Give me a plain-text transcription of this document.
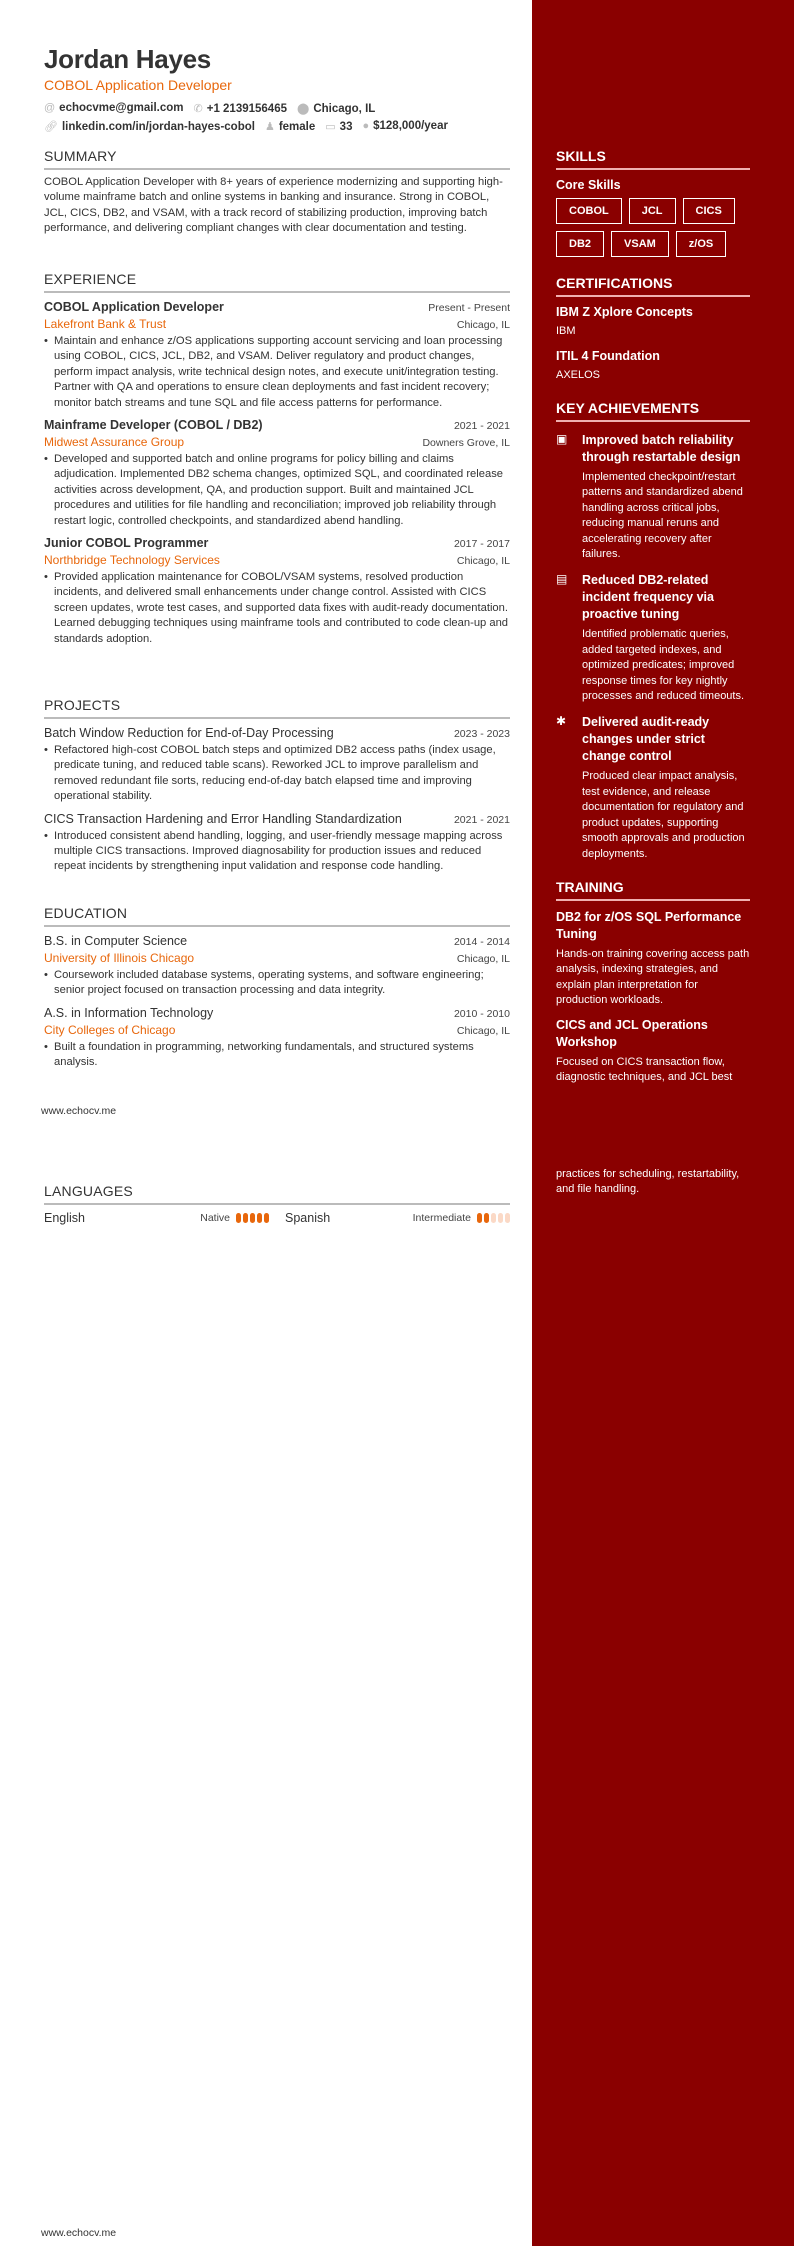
Jordan Hayes
COBOL Application Developer
@ echocvme@gmail.com ✆ +1 2139156465 ⬤ Chicago, IL
🔗︎ linkedin.com/in/jordan-hayes-cobol ♟ female ▭ 33 ● $128,000/year
SUMMARY

COBOL Application Developer with 8+ years of experience modernizing and supporting high-volume mainframe batch and online systems in banking and insurance. Strong in COBOL, JCL, CICS, DB2, and VSAM, with a track record of stabilizing production, improving batch performance, and delivering compliant changes with clear documentation and testing.

EXPERIENCE
COBOL Application Developer	Present - Present
Lakefront Bank & Trust	Chicago, IL
• Maintain and enhance z/OS applications supporting account servicing and loan processing using COBOL, CICS, JCL, DB2, and VSAM. Deliver regulatory and product changes, perform impact analysis, write technical design notes, and execute unit/integration testing. Partner with QA and operations to ensure clean deployments and fast incident recovery; monitor batch streams and tune SQL and file access patterns for performance.
Mainframe Developer (COBOL / DB2)	2021 - 2021
Midwest Assurance Group	Downers Grove, IL
• Developed and supported batch and online programs for policy billing and claims adjudication. Implemented DB2 schema changes, optimized SQL, and coordinated release activities across development, QA, and production support. Built and maintained JCL procedures and utilities for file handling and reconciliation; improved job reliability through restart logic, controlled checkpoints, and standardized abend handling.
Junior COBOL Programmer	2017 - 2017
Northbridge Technology Services	Chicago, IL
• Provided application maintenance for COBOL/VSAM systems, resolved production incidents, and delivered small enhancements under change control. Assisted with CICS screen updates, wrote test cases, and supported data fixes with audit-ready documentation. Learned debugging techniques using mainframe tools and contributed to code clean-up and standards adoption.
PROJECTS
Batch Window Reduction for End-of-Day Processing	2023 - 2023
• Refactored high-cost COBOL batch steps and optimized DB2 access paths (index usage, predicate tuning, and reduced table scans). Reworked JCL to improve parallelism and removed redundant file sorts, reducing end-of-day batch elapsed time and improving operational stability.
CICS Transaction Hardening and Error Handling Standardization	2021 - 2021
• Introduced consistent abend handling, logging, and user-friendly message mapping across multiple CICS transactions. Improved diagnosability for production issues and reduced repeat incidents by strengthening input validation and response code handling.
EDUCATION
B.S. in Computer Science	2014 - 2014
University of Illinois Chicago	Chicago, IL
• Coursework included database systems, operating systems, and software engineering; senior project focused on transaction processing and data integrity.
A.S. in Information Technology	2010 - 2010
City Colleges of Chicago	Chicago, IL
• Built a foundation in programming, networking fundamentals, and structured systems analysis.
www.echocv.me
LANGUAGES
English	Native	Spanish	Intermediate
www.echocv.me
SKILLS
Core Skills
COBOL	JCL	CICS
DB2	VSAM	z/OS
CERTIFICATIONS
IBM Z Xplore Concepts
IBM
ITIL 4 Foundation
AXELOS
KEY ACHIEVEMENTS
▣	Improved batch reliability through restartable design
Implemented checkpoint/restart patterns and standardized abend handling across critical jobs, reducing manual reruns and accelerating recovery after failures.
▤	Reduced DB2-related incident frequency via proactive tuning
Identified problematic queries, added targeted indexes, and optimized predicates; improved response times for key nightly processes and reduced timeouts.
✱	Delivered audit-ready changes under strict change control
Produced clear impact analysis, test evidence, and release documentation for regulatory and product updates, supporting smooth approvals and production deployments.
TRAINING
DB2 for z/OS SQL Performance Tuning
Hands-on training covering access path analysis, indexing strategies, and explain plan interpretation for production workloads.
CICS and JCL Operations Workshop
Focused on CICS transaction flow, diagnostic techniques, and JCL best
practices for scheduling, restartability, and file handling.
